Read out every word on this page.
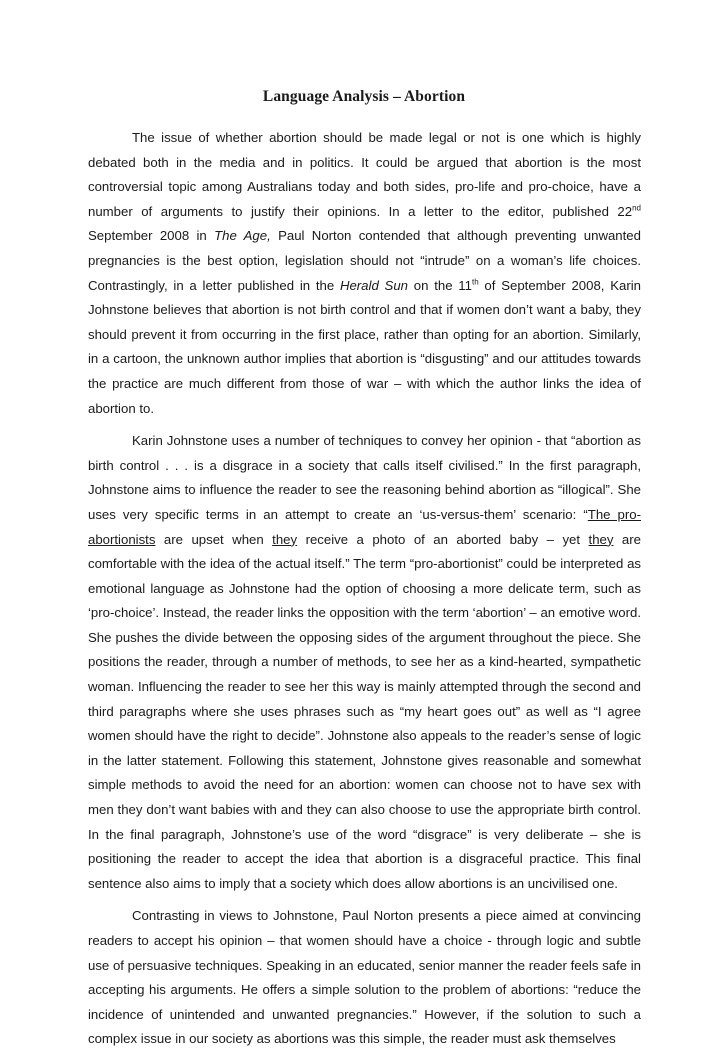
Language Analysis – Abortion

The issue of whether abortion should be made legal or not is one which is highly debated both in the media and in politics. It could be argued that abortion is the most controversial topic among Australians today and both sides, pro-life and pro-choice, have a number of arguments to justify their opinions. In a letter to the editor, published 22nd September 2008 in The Age, Paul Norton contended that although preventing unwanted pregnancies is the best option, legislation should not “intrude” on a woman’s life choices. Contrastingly, in a letter published in the Herald Sun on the 11th of September 2008, Karin Johnstone believes that abortion is not birth control and that if women don’t want a baby, they should prevent it from occurring in the first place, rather than opting for an abortion. Similarly, in a cartoon, the unknown author implies that abortion is “disgusting” and our attitudes towards the practice are much different from those of war – with which the author links the idea of abortion to.

Karin Johnstone uses a number of techniques to convey her opinion - that “abortion as birth control . . . is a disgrace in a society that calls itself civilised.” In the first paragraph, Johnstone aims to influence the reader to see the reasoning behind abortion as “illogical”. She uses very specific terms in an attempt to create an ‘us-versus-them’ scenario: “The pro-abortionists are upset when they receive a photo of an aborted baby – yet they are comfortable with the idea of the actual itself.” The term “pro-abortionist” could be interpreted as emotional language as Johnstone had the option of choosing a more delicate term, such as ‘pro-choice’. Instead, the reader links the opposition with the term ‘abortion’ – an emotive word. She pushes the divide between the opposing sides of the argument throughout the piece. She positions the reader, through a number of methods, to see her as a kind-hearted, sympathetic woman. Influencing the reader to see her this way is mainly attempted through the second and third paragraphs where she uses phrases such as “my heart goes out” as well as “I agree women should have the right to decide”. Johnstone also appeals to the reader’s sense of logic in the latter statement. Following this statement, Johnstone gives reasonable and somewhat simple methods to avoid the need for an abortion: women can choose not to have sex with men they don’t want babies with and they can also choose to use the appropriate birth control. In the final paragraph, Johnstone’s use of the word “disgrace” is very deliberate – she is positioning the reader to accept the idea that abortion is a disgraceful practice. This final sentence also aims to imply that a society which does allow abortions is an uncivilised one.

Contrasting in views to Johnstone, Paul Norton presents a piece aimed at convincing readers to accept his opinion – that women should have a choice - through logic and subtle use of persuasive techniques. Speaking in an educated, senior manner the reader feels safe in accepting his arguments. He offers a simple solution to the problem of abortions: “reduce the incidence of unintended and unwanted pregnancies.” However, if the solution to such a complex issue in our society as abortions was this simple, the reader must ask themselves
